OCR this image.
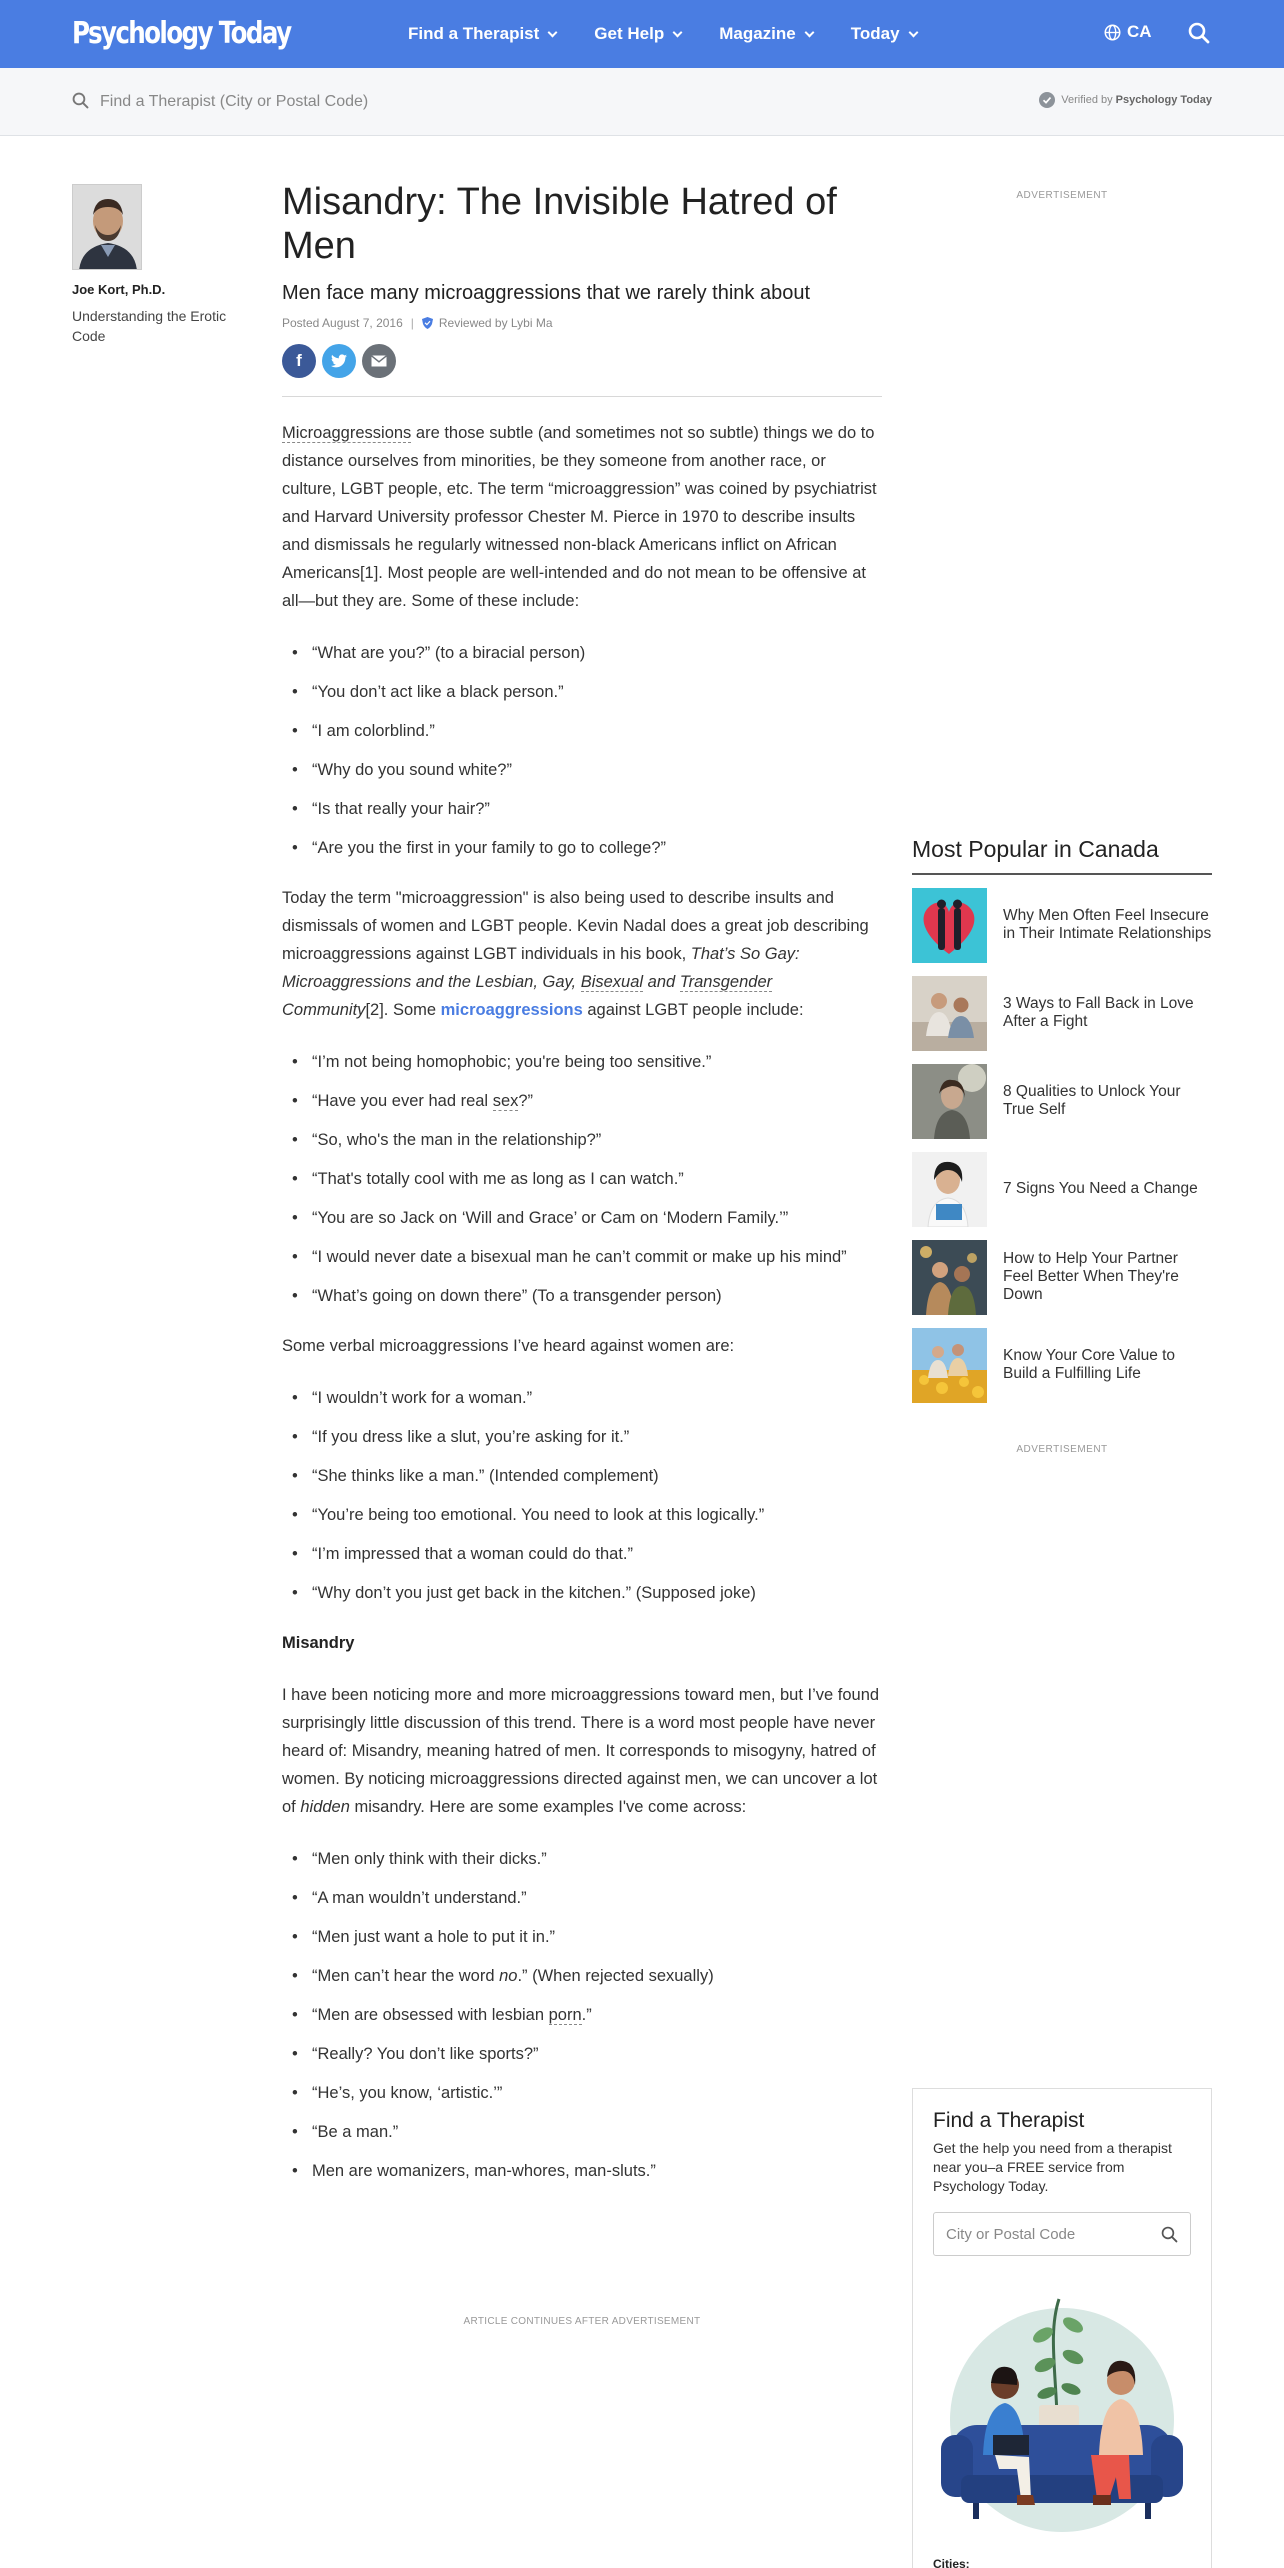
Psychology Today	Find a Therapist	Get Help	Magazine	Today	CA
Find a Therapist (City or Postal Code)
Verified by Psychology Today
Joe Kort, Ph.D.
Understanding the Erotic Code
Misandry: The Invisible Hatred of Men
Men face many microaggressions that we rarely think about
Posted August 7, 2016 | Reviewed by Lybi Ma
f

Microaggressions are those subtle (and sometimes not so subtle) things we do to distance ourselves from minorities, be they someone from another race, or culture, LGBT people, etc. The term “microaggression” was coined by psychiatrist and Harvard University professor Chester M. Pierce in 1970 to describe insults and dismissals he regularly witnessed non-black Americans inflict on African Americans[1]. Most people are well-intended and do not mean to be offensive at all—but they are. Some of these include:

• “What are you?” (to a biracial person)
• “You don’t act like a black person.”
• “I am colorblind.”
• “Why do you sound white?”
• “Is that really your hair?”
• “Are you the first in your family to go to college?”

Today the term "microaggression" is also being used to describe insults and dismissals of women and LGBT people. Kevin Nadal does a great job describing microaggressions against LGBT individuals in his book, That’s So Gay: Microaggressions and the Lesbian, Gay, Bisexual and Transgender Community[2]. Some microaggressions against LGBT people include:

• “I’m not being homophobic; you're being too sensitive.”
• “Have you ever had real sex?”
• “So, who's the man in the relationship?”
• “That's totally cool with me as long as I can watch.”
• “You are so Jack on ‘Will and Grace’ or Cam on ‘Modern Family.’”
• “I would never date a bisexual man he can’t commit or make up his mind”
• “What’s going on down there” (To a transgender person)

Some verbal microaggressions I’ve heard against women are:

• “I wouldn’t work for a woman.”
• “If you dress like a slut, you’re asking for it.”
• “She thinks like a man.” (Intended complement)
• “You’re being too emotional. You need to look at this logically.”
• “I’m impressed that a woman could do that.”
• “Why don’t you just get back in the kitchen.” (Supposed joke)
Misandry

I have been noticing more and more microaggressions toward men, but I’ve found surprisingly little discussion of this trend. There is a word most people have never heard of: Misandry, meaning hatred of men. It corresponds to misogyny, hatred of women. By noticing microaggressions directed against men, we can uncover a lot of hidden misandry. Here are some examples I've come across:

• “Men only think with their dicks.”
• “A man wouldn’t understand.”
• “Men just want a hole to put it in.”
• “Men can’t hear the word no.” (When rejected sexually)
• “Men are obsessed with lesbian porn.”
• “Really? You don’t like sports?”
• “He’s, you know, ‘artistic.’”
• “Be a man.”
• Men are womanizers, man-whores, man-sluts.”
ARTICLE CONTINUES AFTER ADVERTISEMENT
ADVERTISEMENT
Most Popular in Canada
Why Men Often Feel Insecure in Their Intimate Relationships
3 Ways to Fall Back in Love After a Fight
8 Qualities to Unlock Your True Self
7 Signs You Need a Change
How to Help Your Partner Feel Better When They're Down
Know Your Core Value to Build a Fulfilling Life
ADVERTISEMENT
Find a Therapist
Get the help you need from a therapist near you–a FREE service from Psychology Today.
City or Postal Code
Cities:
